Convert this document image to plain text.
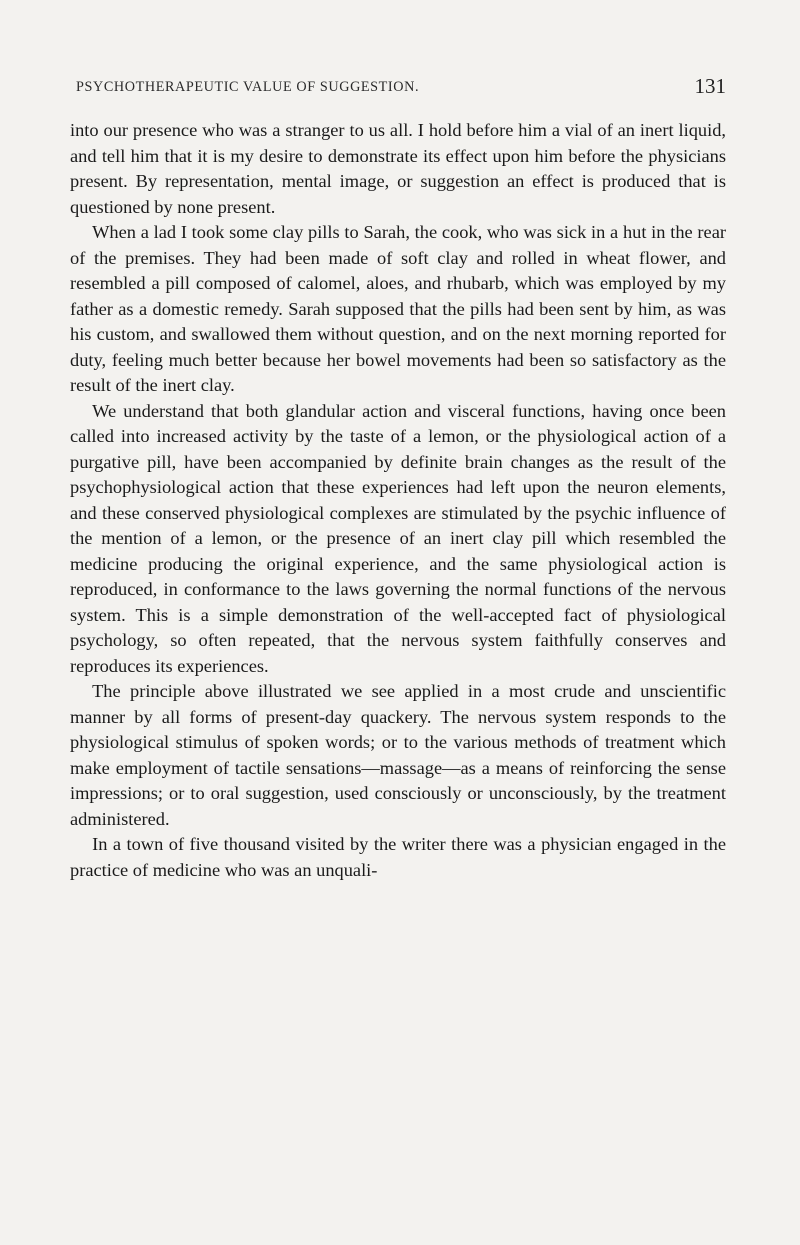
PSYCHOTHERAPEUTIC VALUE OF SUGGESTION.	131

into our presence who was a stranger to us all. I hold before him a vial of an inert liquid, and tell him that it is my desire to demonstrate its effect upon him before the physicians present. By representation, mental image, or suggestion an effect is produced that is questioned by none present.

When a lad I took some clay pills to Sarah, the cook, who was sick in a hut in the rear of the premises. They had been made of soft clay and rolled in wheat flower, and resembled a pill composed of calomel, aloes, and rhubarb, which was employed by my father as a domestic remedy. Sarah supposed that the pills had been sent by him, as was his custom, and swallowed them without question, and on the next morning reported for duty, feeling much better because her bowel movements had been so satisfactory as the result of the inert clay.

We understand that both glandular action and visceral functions, having once been called into increased activity by the taste of a lemon, or the physiological action of a purgative pill, have been accompanied by definite brain changes as the result of the psychophysiological action that these experiences had left upon the neuron elements, and these conserved physiological complexes are stimulated by the psychic influence of the mention of a lemon, or the presence of an inert clay pill which resembled the medicine producing the original experience, and the same physiological action is reproduced, in conformance to the laws governing the normal functions of the nervous system. This is a simple demonstration of the well-accepted fact of physiological psychology, so often repeated, that the nervous system faithfully conserves and reproduces its experiences.

The principle above illustrated we see applied in a most crude and unscientific manner by all forms of present-day quackery. The nervous system responds to the physiological stimulus of spoken words; or to the various methods of treatment which make employment of tactile sensations—massage—as a means of reinforcing the sense impressions; or to oral suggestion, used consciously or unconsciously, by the treatment administered.

In a town of five thousand visited by the writer there was a physician engaged in the practice of medicine who was an unquali-
